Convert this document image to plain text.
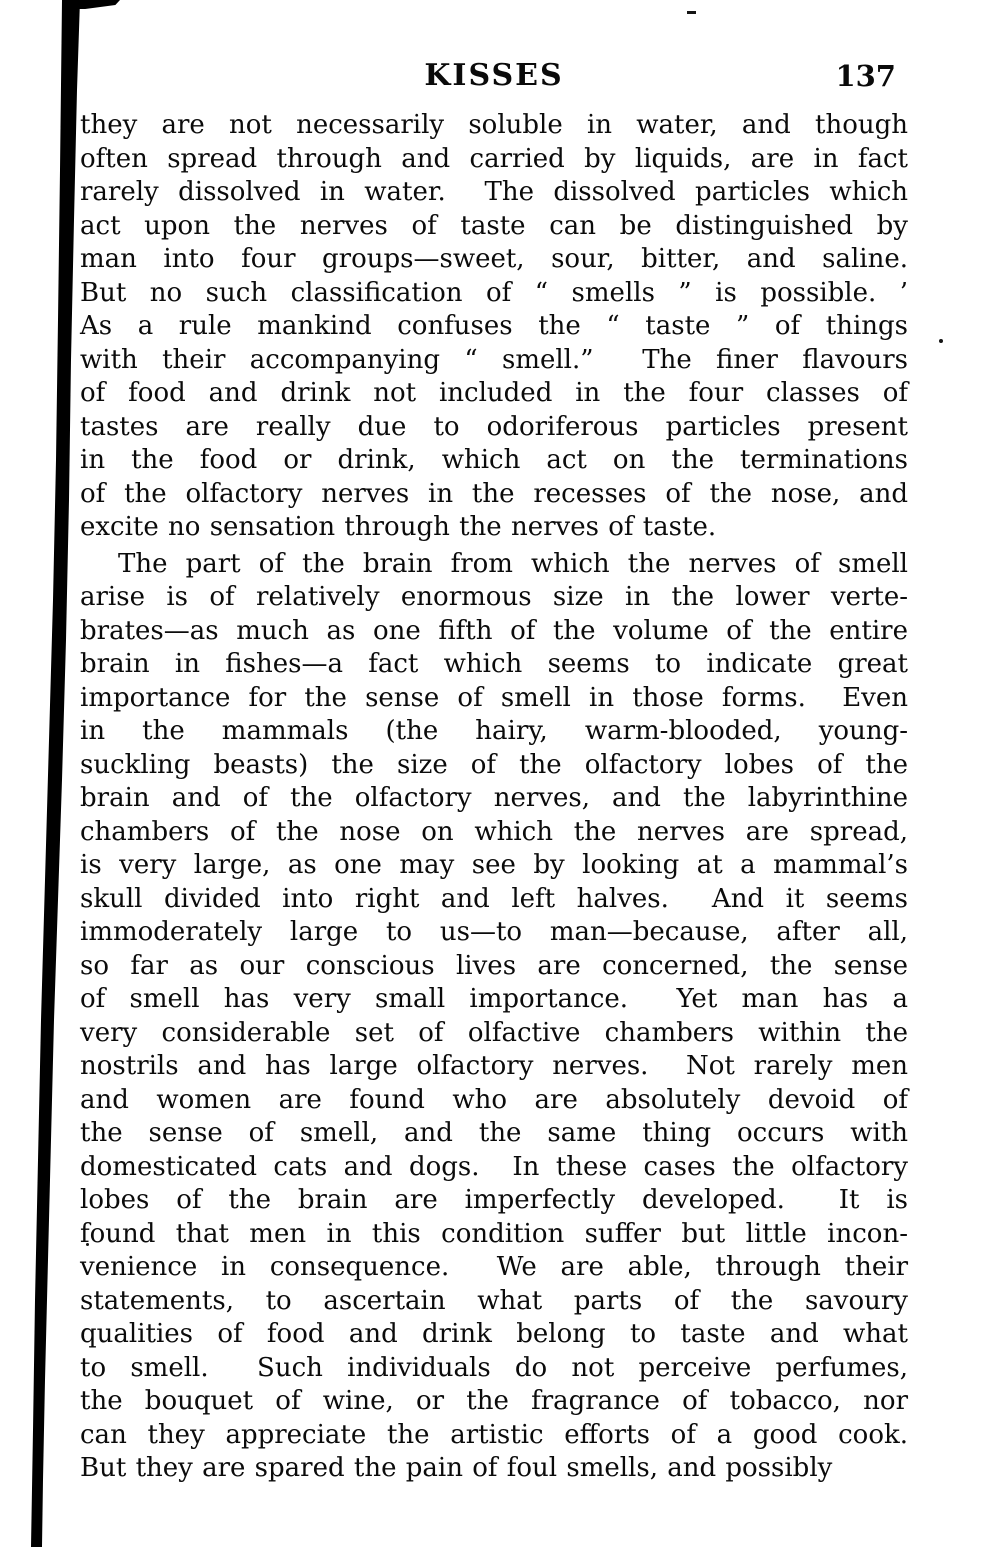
KISSES	137
they are not necessarily soluble in water, and though
often spread through and carried by liquids, are in fact
rarely dissolved in water.  The dissolved particles which
act upon the nerves of taste can be distinguished by
man into four groups—sweet, sour, bitter, and saline.
But no such classification of “ smells ” is possible. ’
As a rule mankind confuses the “ taste ” of things
with their accompanying “ smell.”  The finer flavours
of food and drink not included in the four classes of
tastes are really due to odoriferous particles present
in the food or drink, which act on the terminations
of the olfactory nerves in the recesses of the nose, and
excite no sensation through the nerves of taste.
The part of the brain from which the nerves of smell
arise is of relatively enormous size in the lower verte-
brates—as much as one fifth of the volume of the entire
brain in fishes—a fact which seems to indicate great
importance for the sense of smell in those forms.  Even
in the mammals (the hairy, warm-blooded, young-
suckling beasts) the size of the olfactory lobes of the
brain and of the olfactory nerves, and the labyrinthine
chambers of the nose on which the nerves are spread,
is very large, as one may see by looking at a mammal’s
skull divided into right and left halves.  And it seems
immoderately large to us—to man—because, after all,
so far as our conscious lives are concerned, the sense
of smell has very small importance.  Yet man has a
very considerable set of olfactive chambers within the
nostrils and has large olfactory nerves.  Not rarely men
and women are found who are absolutely devoid of
the sense of smell, and the same thing occurs with
domesticated cats and dogs.  In these cases the olfactory
lobes of the brain are imperfectly developed.  It is
found that men in this condition suffer but little incon-
venience in consequence.  We are able, through their
statements, to ascertain what parts of the savoury
qualities of food and drink belong to taste and what
to smell.  Such individuals do not perceive perfumes,
the bouquet of wine, or the fragrance of tobacco, nor
can they appreciate the artistic efforts of a good cook.
But they are spared the pain of foul smells, and possibly
